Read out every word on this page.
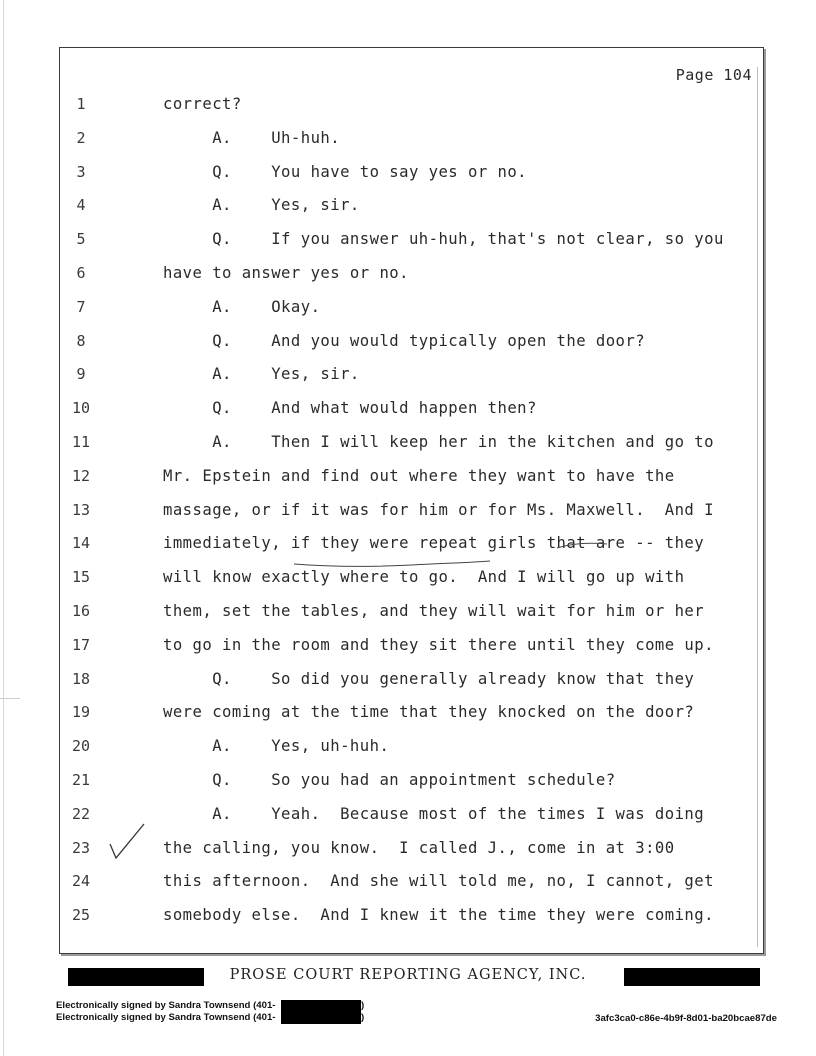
Page 104
1	correct?
2	A.    Uh-huh.
3	Q.    You have to say yes or no.
4	A.    Yes, sir.
5	Q.    If you answer uh-huh, that's not clear, so you
6	have to answer yes or no.
7	A.    Okay.
8	Q.    And you would typically open the door?
9	A.    Yes, sir.
10	Q.    And what would happen then?
11	A.    Then I will keep her in the kitchen and go to
12	Mr. Epstein and find out where they want to have the
13	massage, or if it was for him or for Ms. Maxwell.  And I
14	immediately, if they were repeat girls that are -- they
15	will know exactly where to go.  And I will go up with
16	them, set the tables, and they will wait for him or her
17	to go in the room and they sit there until they come up.
18	Q.    So did you generally already know that they
19	were coming at the time that they knocked on the door?
20	A.    Yes, uh-huh.
21	Q.    So you had an appointment schedule?
22	A.    Yeah.  Because most of the times I was doing
23	the calling, you know.  I called J., come in at 3:00
24	this afternoon.  And she will told me, no, I cannot, get
25	somebody else.  And I knew it the time they were coming.
PROSE COURT REPORTING AGENCY, INC.
Electronically signed by Sandra Townsend (401-	)
Electronically signed by Sandra Townsend (401-	)	3afc3ca0-c86e-4b9f-8d01-ba20bcae87de
